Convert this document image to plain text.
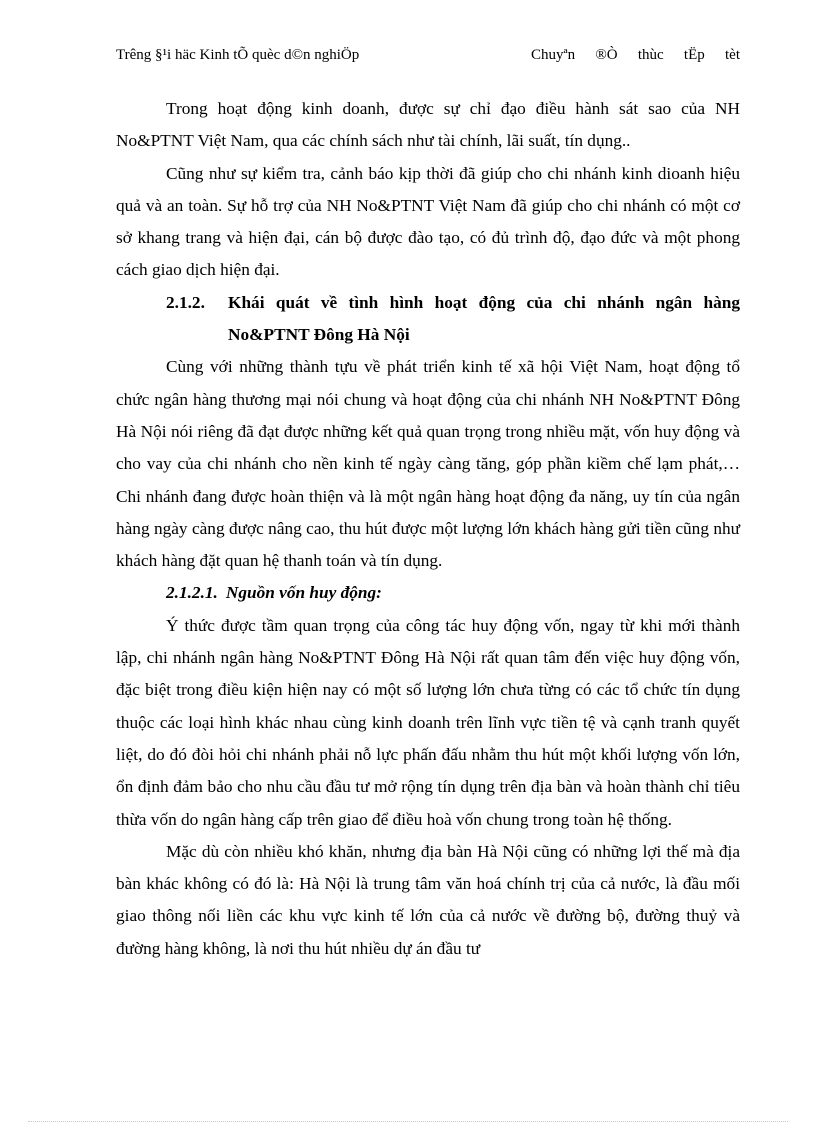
Trêng §¹i häc Kinh tÕ quèc d©n nghiÖp	Chuyªn ®Ò thùc tËp tèt

Trong hoạt động kinh doanh, được sự chỉ đạo điều hành sát sao của NH No&PTNT Việt Nam, qua các chính sách như tài chính, lãi suất, tín dụng..

Cũng như sự kiểm tra, cảnh báo kịp thời đã giúp cho chi nhánh kinh dioanh hiệu quả và an toàn. Sự hỗ trợ của NH No&PTNT Việt Nam đã giúp cho chi nhánh có một cơ sở khang trang và hiện đại, cán bộ được đào tạo, có đủ trình độ, đạo đức và một phong cách giao dịch hiện đại.

2.1.2.	Khái quát về tình hình hoạt động của chi nhánh ngân hàng No&PTNT Đông Hà Nội

Cùng với những thành tựu về phát triển kinh tế xã hội Việt Nam, hoạt động tổ chức ngân hàng thương mại nói chung và hoạt động của chi nhánh NH No&PTNT Đông Hà Nội nói riêng đã đạt được những kết quả quan trọng trong nhiều mặt, vốn huy động và cho vay của chi nhánh cho nền kinh tế ngày càng tăng, góp phần kiềm chế lạm phát,… Chi nhánh đang được hoàn thiện và là một ngân hàng hoạt động đa năng, uy tín của ngân hàng ngày càng được nâng cao, thu hút được một lượng lớn khách hàng gửi tiền cũng như khách hàng đặt quan hệ thanh toán và tín dụng.

2.1.2.1. Nguồn vốn huy động:

Ý thức được tầm quan trọng của công tác huy động vốn, ngay từ khi mới thành lập, chi nhánh ngân hàng No&PTNT Đông Hà Nội rất quan tâm đến việc huy động vốn, đặc biệt trong điều kiện hiện nay có một số lượng lớn chưa từng có các tổ chức tín dụng thuộc các loại hình khác nhau cùng kinh doanh trên lĩnh vực tiền tệ và cạnh tranh quyết liệt, do đó đòi hỏi chi nhánh phải nỗ lực phấn đấu nhằm thu hút một khối lượng vốn lớn, ổn định đảm bảo cho nhu cầu đầu tư mở rộng tín dụng trên địa bàn và hoàn thành chỉ tiêu thừa vốn do ngân hàng cấp trên giao để điều hoà vốn chung trong toàn hệ thống.

Mặc dù còn nhiều khó khăn, nhưng địa bàn Hà Nội cũng có những lợi thế mà địa bàn khác không có đó là: Hà Nội là trung tâm văn hoá chính trị của cả nước, là đầu mối giao thông nối liền các khu vực kinh tế lớn của cả nước về đường bộ, đường thuỷ và đường hàng không, là nơi thu hút nhiều dự án đầu tư
